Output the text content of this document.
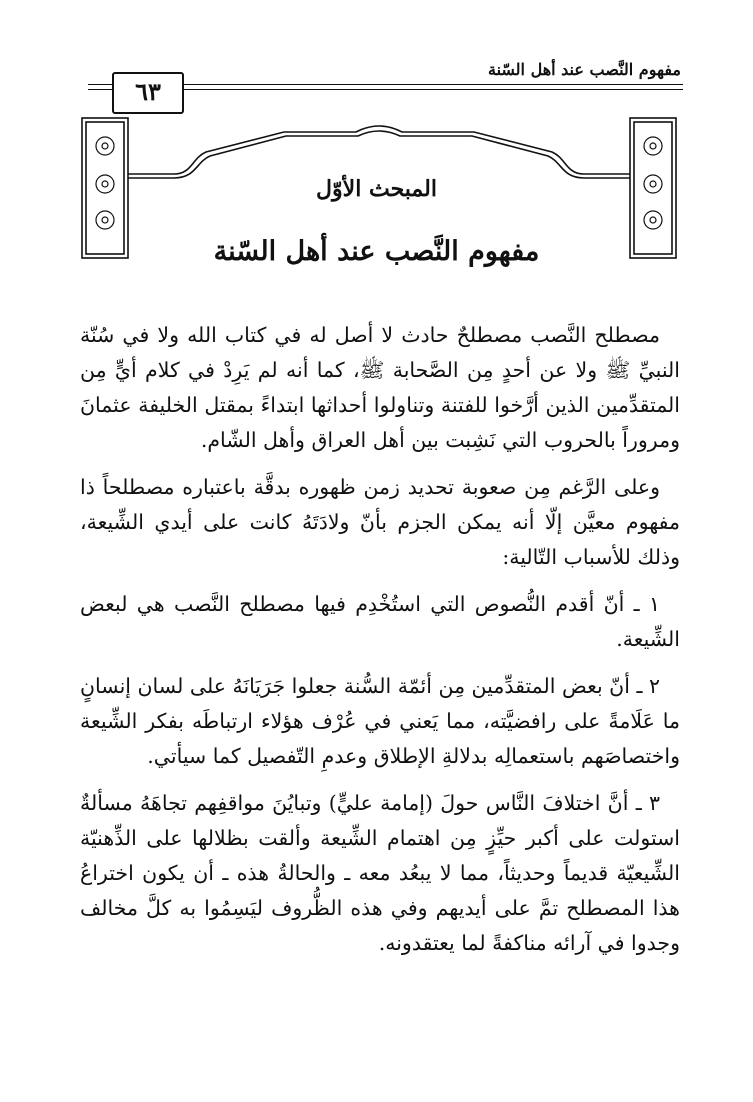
مفهوم النَّصب عند أهل السّنة
٦٣
المبحث الأوّل
مفهوم النَّصب عند أهل السّنة

مصطلح النَّصب مصطلحٌ حادث لا أصل له في كتاب الله ولا في سُنّة النبيِّ ﷺ ولا عن أحدٍ مِن الصَّحابة ﷺ، كما أنه لم يَرِدْ في كلام أيٍّ مِن المتقدِّمين الذين أرَّخوا للفتنة وتناولوا أحداثها ابتداءً بمقتل الخليفة عثمانَ ومروراً بالحروب التي نَشِبت بين أهل العراق وأهل الشّام.

وعلى الرَّغم مِن صعوبة تحديد زمن ظهوره بدقَّة باعتباره مصطلحاً ذا مفهوم معيَّن إلّا أنه يمكن الجزم بأنّ ولادَتَهُ كانت على أيدي الشِّيعة، وذلك للأسباب التّالية:

١ ـ أنّ أقدم النُّصوص التي استُخْدِم فيها مصطلح النَّصب هي لبعض الشِّيعة.

٢ ـ أنّ بعض المتقدِّمين مِن أئمّة السُّنة جعلوا جَرَيَانَهُ على لسان إنسانٍ ما عَلَامةً على رافضيَّته، مما يَعني في عُرْف هؤلاء ارتباطَه بفكر الشِّيعة واختصاصَهم باستعمالِه بدلالةِ الإطلاق وعدمِ التّفصيل كما سيأتي.

٣ ـ أنَّ اختلافَ النَّاس حولَ (إمامة عليٍّ) وتبايُنَ مواقفِهم تجاهَهُ مسألةٌ استولت على أكبر حيِّزٍ مِن اهتمام الشِّيعة وألقت بظلالها على الذِّهنيّة الشِّيعيّة قديماً وحديثاً، مما لا يبعُد معه ـ والحالةُ هذه ـ أن يكون اختراعُ هذا المصطلح تمَّ على أيديهم وفي هذه الظُّروف ليَسِمُوا به كلَّ مخالف وجدوا في آرائه مناكفةً لما يعتقدونه.
